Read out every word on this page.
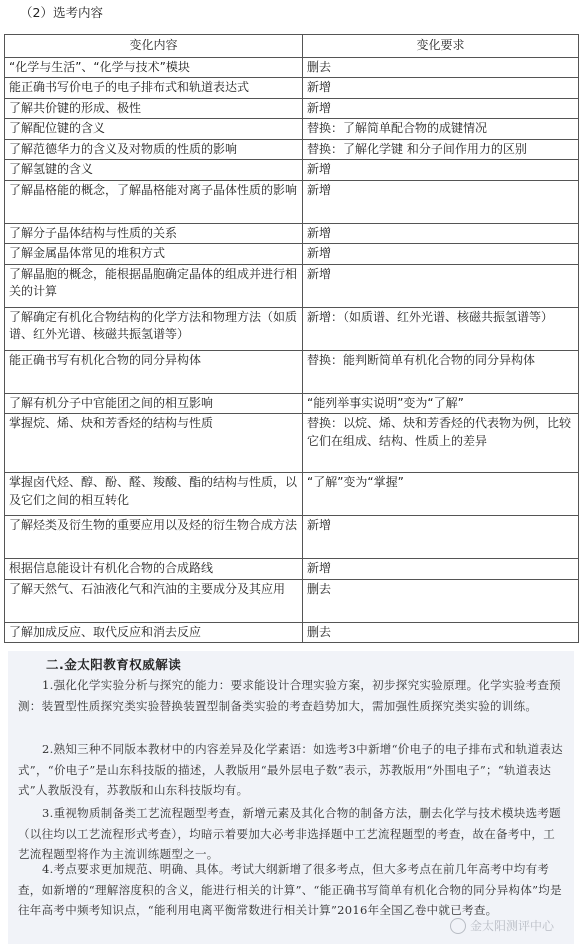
（2）选考内容
变化内容	变化要求
“化学与生活”、“化学与技术”模块	删去
能正确书写价电子的电子排布式和轨道表达式	新增
了解共价键的形成、极性	新增
了解配位键的含义	替换：了解简单配合物的成键情况
了解范德华力的含义及对物质的性质的影响	替换：了解化学键 和分子间作用力的区别
了解氢键的含义	新增
了解晶格能的概念，了解晶格能对离子晶体性质的影响	新增
了解分子晶体结构与性质的关系	新增
了解金属晶体常见的堆积方式	新增
了解晶胞的概念，能根据晶胞确定晶体的组成并进行相关的计算	新增
了解确定有机化合物结构的化学方法和物理方法（如质谱、红外光谱、核磁共振氢谱等）	新增：（如质谱、红外光谱、核磁共振氢谱等）
能正确书写有机化合物的同分异构体	替换：能判断简单有机化合物的同分异构体
了解有机分子中官能团之间的相互影响	“能列举事实说明”变为“了解”
掌握烷、烯、炔和芳香烃的结构与性质	替换：以烷、烯、炔和芳香烃的代表物为例，比较它们在组成、结构、性质上的差异
掌握卤代烃、醇、酚、醛、羧酸、酯的结构与性质，以及它们之间的相互转化	“了解”变为“掌握”
了解烃类及衍生物的重要应用以及烃的衍生物合成方法	新增
根据信息能设计有机化合物的合成路线	新增
了解天然气、石油液化气和汽油的主要成分及其应用	删去
了解加成反应、取代反应和消去反应	删去
二.金太阳教育权威解读

1.强化化学实验分析与探究的能力：要求能设计合理实验方案，初步探究实验原理。化学实验考查预测：装置型性质探究类实验替换装置型制备类实验的考查趋势加大，需加强性质探究类实验的训练。

2.熟知三种不同版本教材中的内容差异及化学素语：如选考3中新增“价电子的电子排布式和轨道表达式”，“价电子”是山东科技版的描述，人教版用“最外层电子数”表示，苏教版用“外围电子”；“轨道表达式”人教版没有，苏教版和山东科技版均有。

3.重视物质制备类工艺流程题型考查，新增元素及其化合物的制备方法，删去化学与技术模块选考题（以往均以工艺流程形式考查），均暗示着要加大必考非选择题中工艺流程题型的考查，故在备考中，工艺流程题型将作为主流训练题型之一。

4.考点要求更加规范、明确、具体。考试大纲新增了很多考点，但大多考点在前几年高考中均有考查，如新增的“理解溶度积的含义，能进行相关的计算”、“能正确书写简单有机化合物的同分异构体”均是往年高考中频考知识点，“能利用电离平衡常数进行相关计算”2016年全国乙卷中就已考查。

金太阳测评中心
